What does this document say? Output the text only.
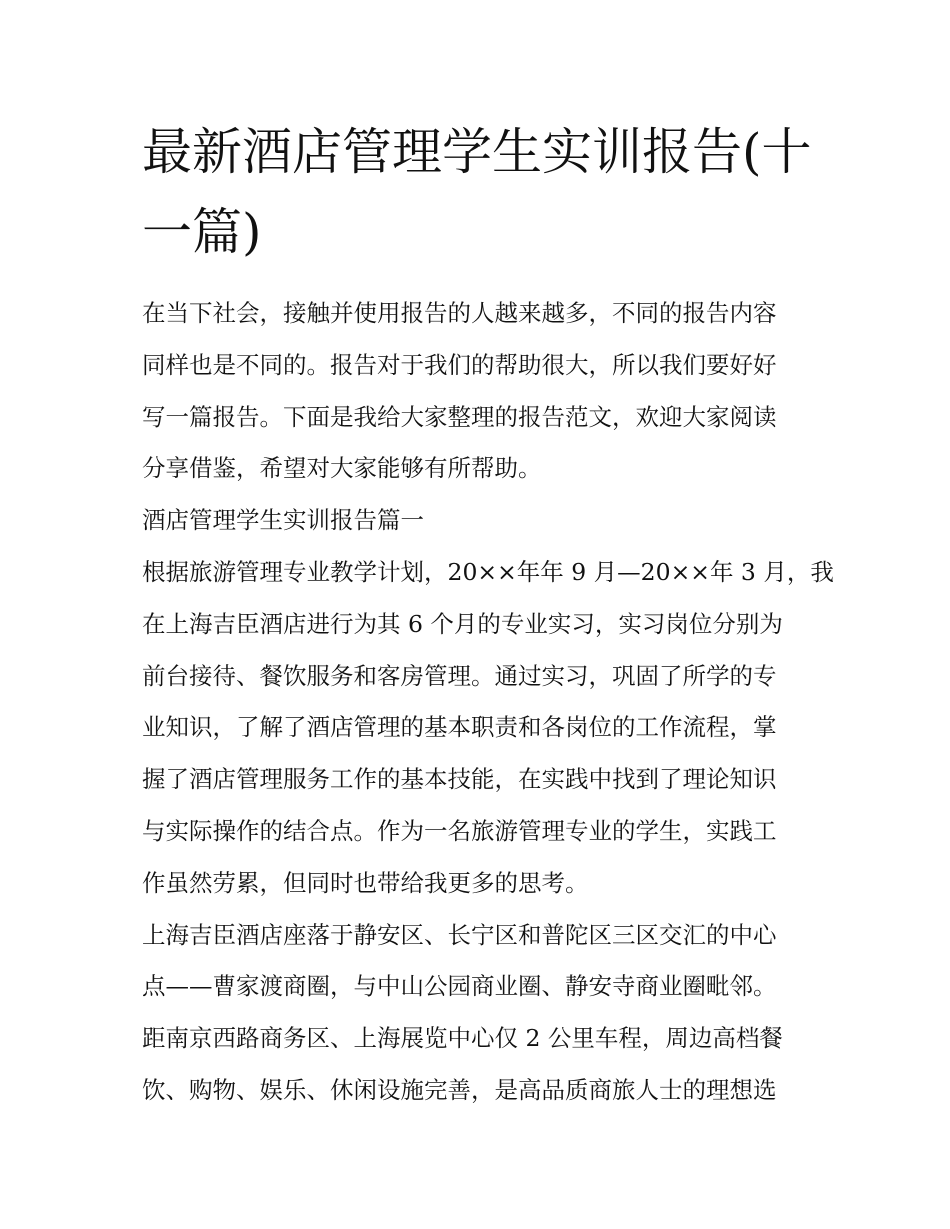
最新酒店管理学生实训报告(十
一篇)
在当下社会，接触并使用报告的人越来越多，不同的报告内容
同样也是不同的。报告对于我们的帮助很大，所以我们要好好
写一篇报告。下面是我给大家整理的报告范文，欢迎大家阅读
分享借鉴，希望对大家能够有所帮助。
酒店管理学生实训报告篇一
根据旅游管理专业教学计划，20××年年 9 月—20××年 3 月，我
在上海吉臣酒店进行为其 6 个月的专业实习，实习岗位分别为
前台接待、餐饮服务和客房管理。通过实习，巩固了所学的专
业知识，了解了酒店管理的基本职责和各岗位的工作流程，掌
握了酒店管理服务工作的基本技能，在实践中找到了理论知识
与实际操作的结合点。作为一名旅游管理专业的学生，实践工
作虽然劳累，但同时也带给我更多的思考。
上海吉臣酒店座落于静安区、长宁区和普陀区三区交汇的中心
点——曹家渡商圈，与中山公园商业圈、静安寺商业圈毗邻。
距南京西路商务区、上海展览中心仅 2 公里车程，周边高档餐
饮、购物、娱乐、休闲设施完善，是高品质商旅人士的理想选
